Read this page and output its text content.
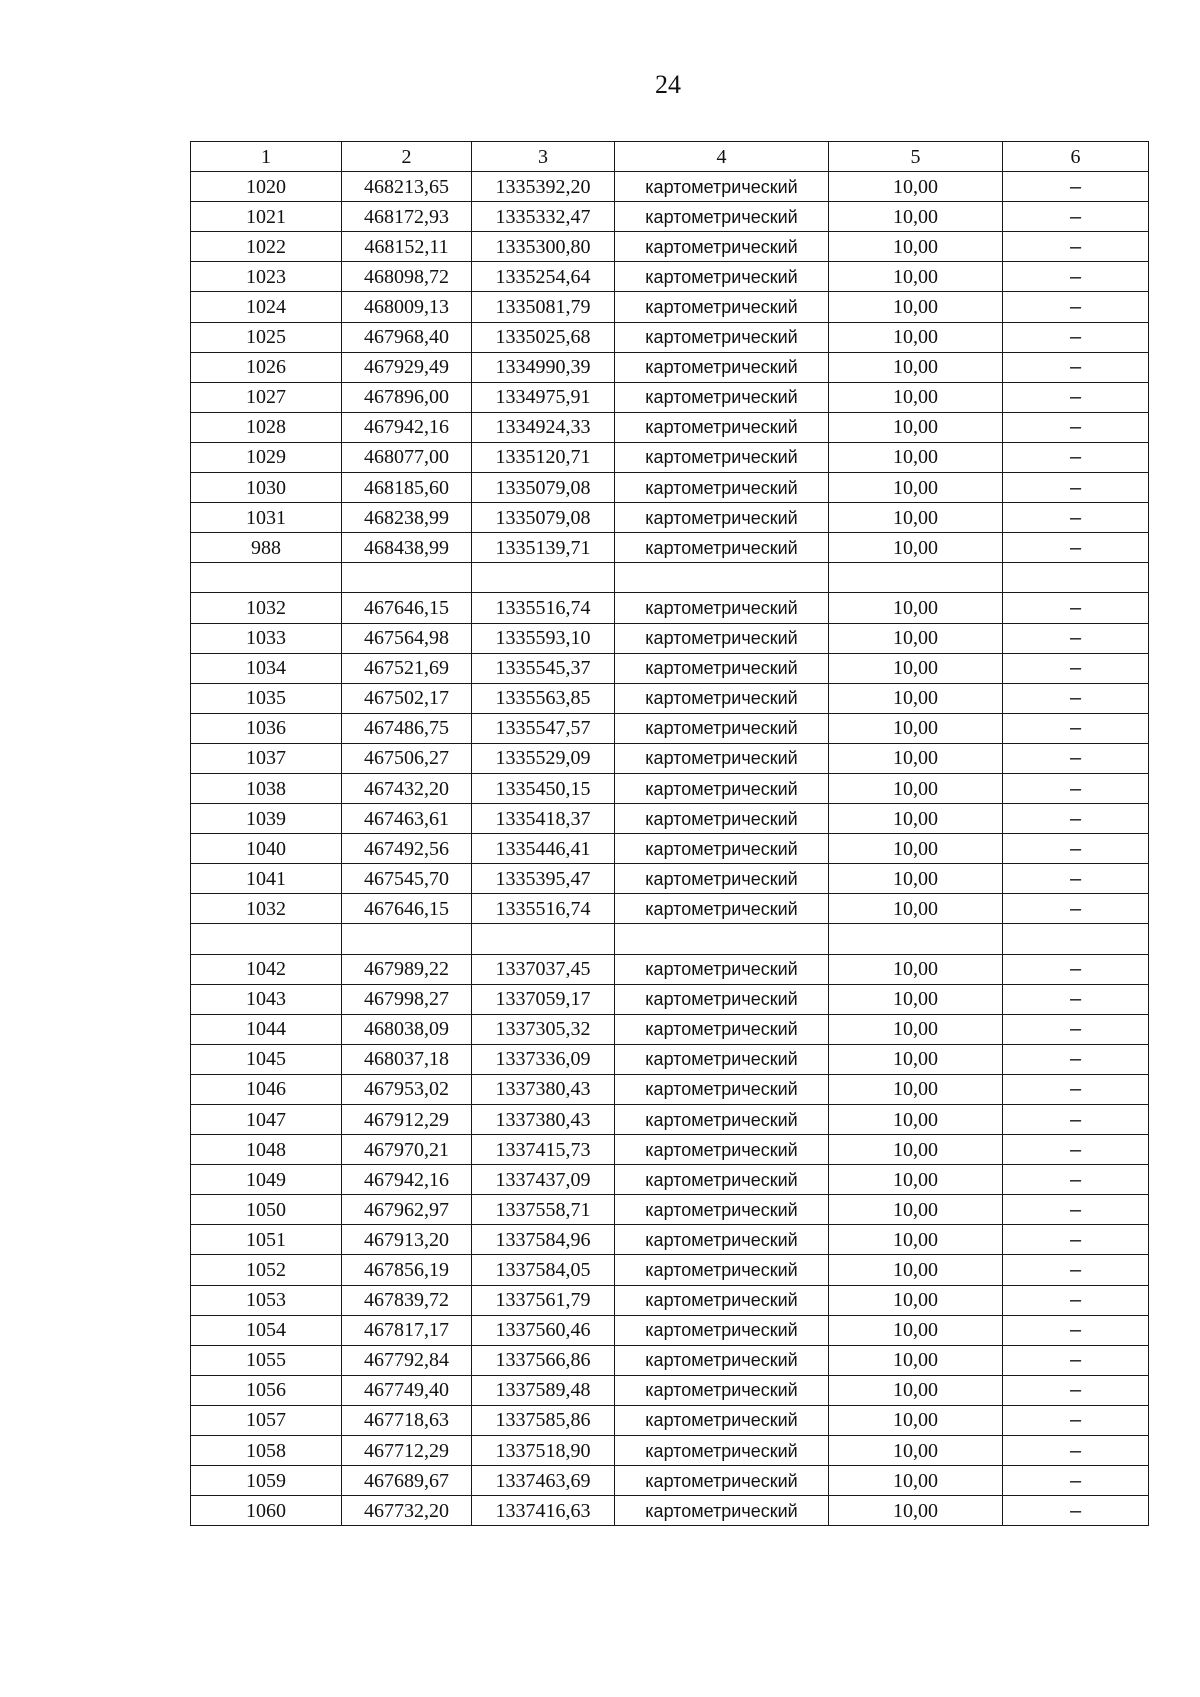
24
1	2	3	4	5	6
1020	468213,65	1335392,20	картометрический	10,00	–
1021	468172,93	1335332,47	картометрический	10,00	–
1022	468152,11	1335300,80	картометрический	10,00	–
1023	468098,72	1335254,64	картометрический	10,00	–
1024	468009,13	1335081,79	картометрический	10,00	–
1025	467968,40	1335025,68	картометрический	10,00	–
1026	467929,49	1334990,39	картометрический	10,00	–
1027	467896,00	1334975,91	картометрический	10,00	–
1028	467942,16	1334924,33	картометрический	10,00	–
1029	468077,00	1335120,71	картометрический	10,00	–
1030	468185,60	1335079,08	картометрический	10,00	–
1031	468238,99	1335079,08	картометрический	10,00	–
988	468438,99	1335139,71	картометрический	10,00	–

1032	467646,15	1335516,74	картометрический	10,00	–
1033	467564,98	1335593,10	картометрический	10,00	–
1034	467521,69	1335545,37	картометрический	10,00	–
1035	467502,17	1335563,85	картометрический	10,00	–
1036	467486,75	1335547,57	картометрический	10,00	–
1037	467506,27	1335529,09	картометрический	10,00	–
1038	467432,20	1335450,15	картометрический	10,00	–
1039	467463,61	1335418,37	картометрический	10,00	–
1040	467492,56	1335446,41	картометрический	10,00	–
1041	467545,70	1335395,47	картометрический	10,00	–
1032	467646,15	1335516,74	картометрический	10,00	–

1042	467989,22	1337037,45	картометрический	10,00	–
1043	467998,27	1337059,17	картометрический	10,00	–
1044	468038,09	1337305,32	картометрический	10,00	–
1045	468037,18	1337336,09	картометрический	10,00	–
1046	467953,02	1337380,43	картометрический	10,00	–
1047	467912,29	1337380,43	картометрический	10,00	–
1048	467970,21	1337415,73	картометрический	10,00	–
1049	467942,16	1337437,09	картометрический	10,00	–
1050	467962,97	1337558,71	картометрический	10,00	–
1051	467913,20	1337584,96	картометрический	10,00	–
1052	467856,19	1337584,05	картометрический	10,00	–
1053	467839,72	1337561,79	картометрический	10,00	–
1054	467817,17	1337560,46	картометрический	10,00	–
1055	467792,84	1337566,86	картометрический	10,00	–
1056	467749,40	1337589,48	картометрический	10,00	–
1057	467718,63	1337585,86	картометрический	10,00	–
1058	467712,29	1337518,90	картометрический	10,00	–
1059	467689,67	1337463,69	картометрический	10,00	–
1060	467732,20	1337416,63	картометрический	10,00	–
